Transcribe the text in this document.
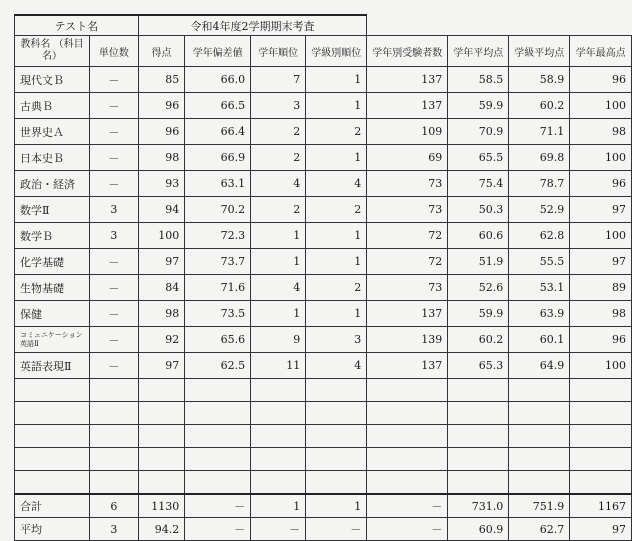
テスト名		令和4年度2学期期末考査							
教科名 （科目名）	単位数	得点	学年偏差値	学年順位	学級別順位	学年別受験者数	学年平均点	学級平均点	学年最高点
現代文Ｂ	－	85	66.0	7	1	137	58.5	58.9	96
古典Ｂ	－	96	66.5	3	1	137	59.9	60.2	100
世界史Ａ	－	96	66.4	2	2	109	70.9	71.1	98
日本史Ｂ	－	98	66.9	2	1	69	65.5	69.8	100
政治・経済	－	93	63.1	4	4	73	75.4	78.7	96
数学Ⅱ	3	94	70.2	2	2	73	50.3	52.9	97
数学Ｂ	3	100	72.3	1	1	72	60.6	62.8	100
化学基礎	－	97	73.7	1	1	72	51.9	55.5	97
生物基礎	－	84	71.6	4	2	73	52.6	53.1	89
保健	－	98	73.5	1	1	137	59.9	63.9	98
コミュニケーション英語Ⅱ	－	92	65.6	9	3	139	60.2	60.1	96
英語表現Ⅱ	－	97	62.5	11	4	137	65.3	64.9	100

合計	6	1130	－	1	1	－	731.0	751.9	1167
平均	3	94.2	－	－	－	－	60.9	62.7	97
